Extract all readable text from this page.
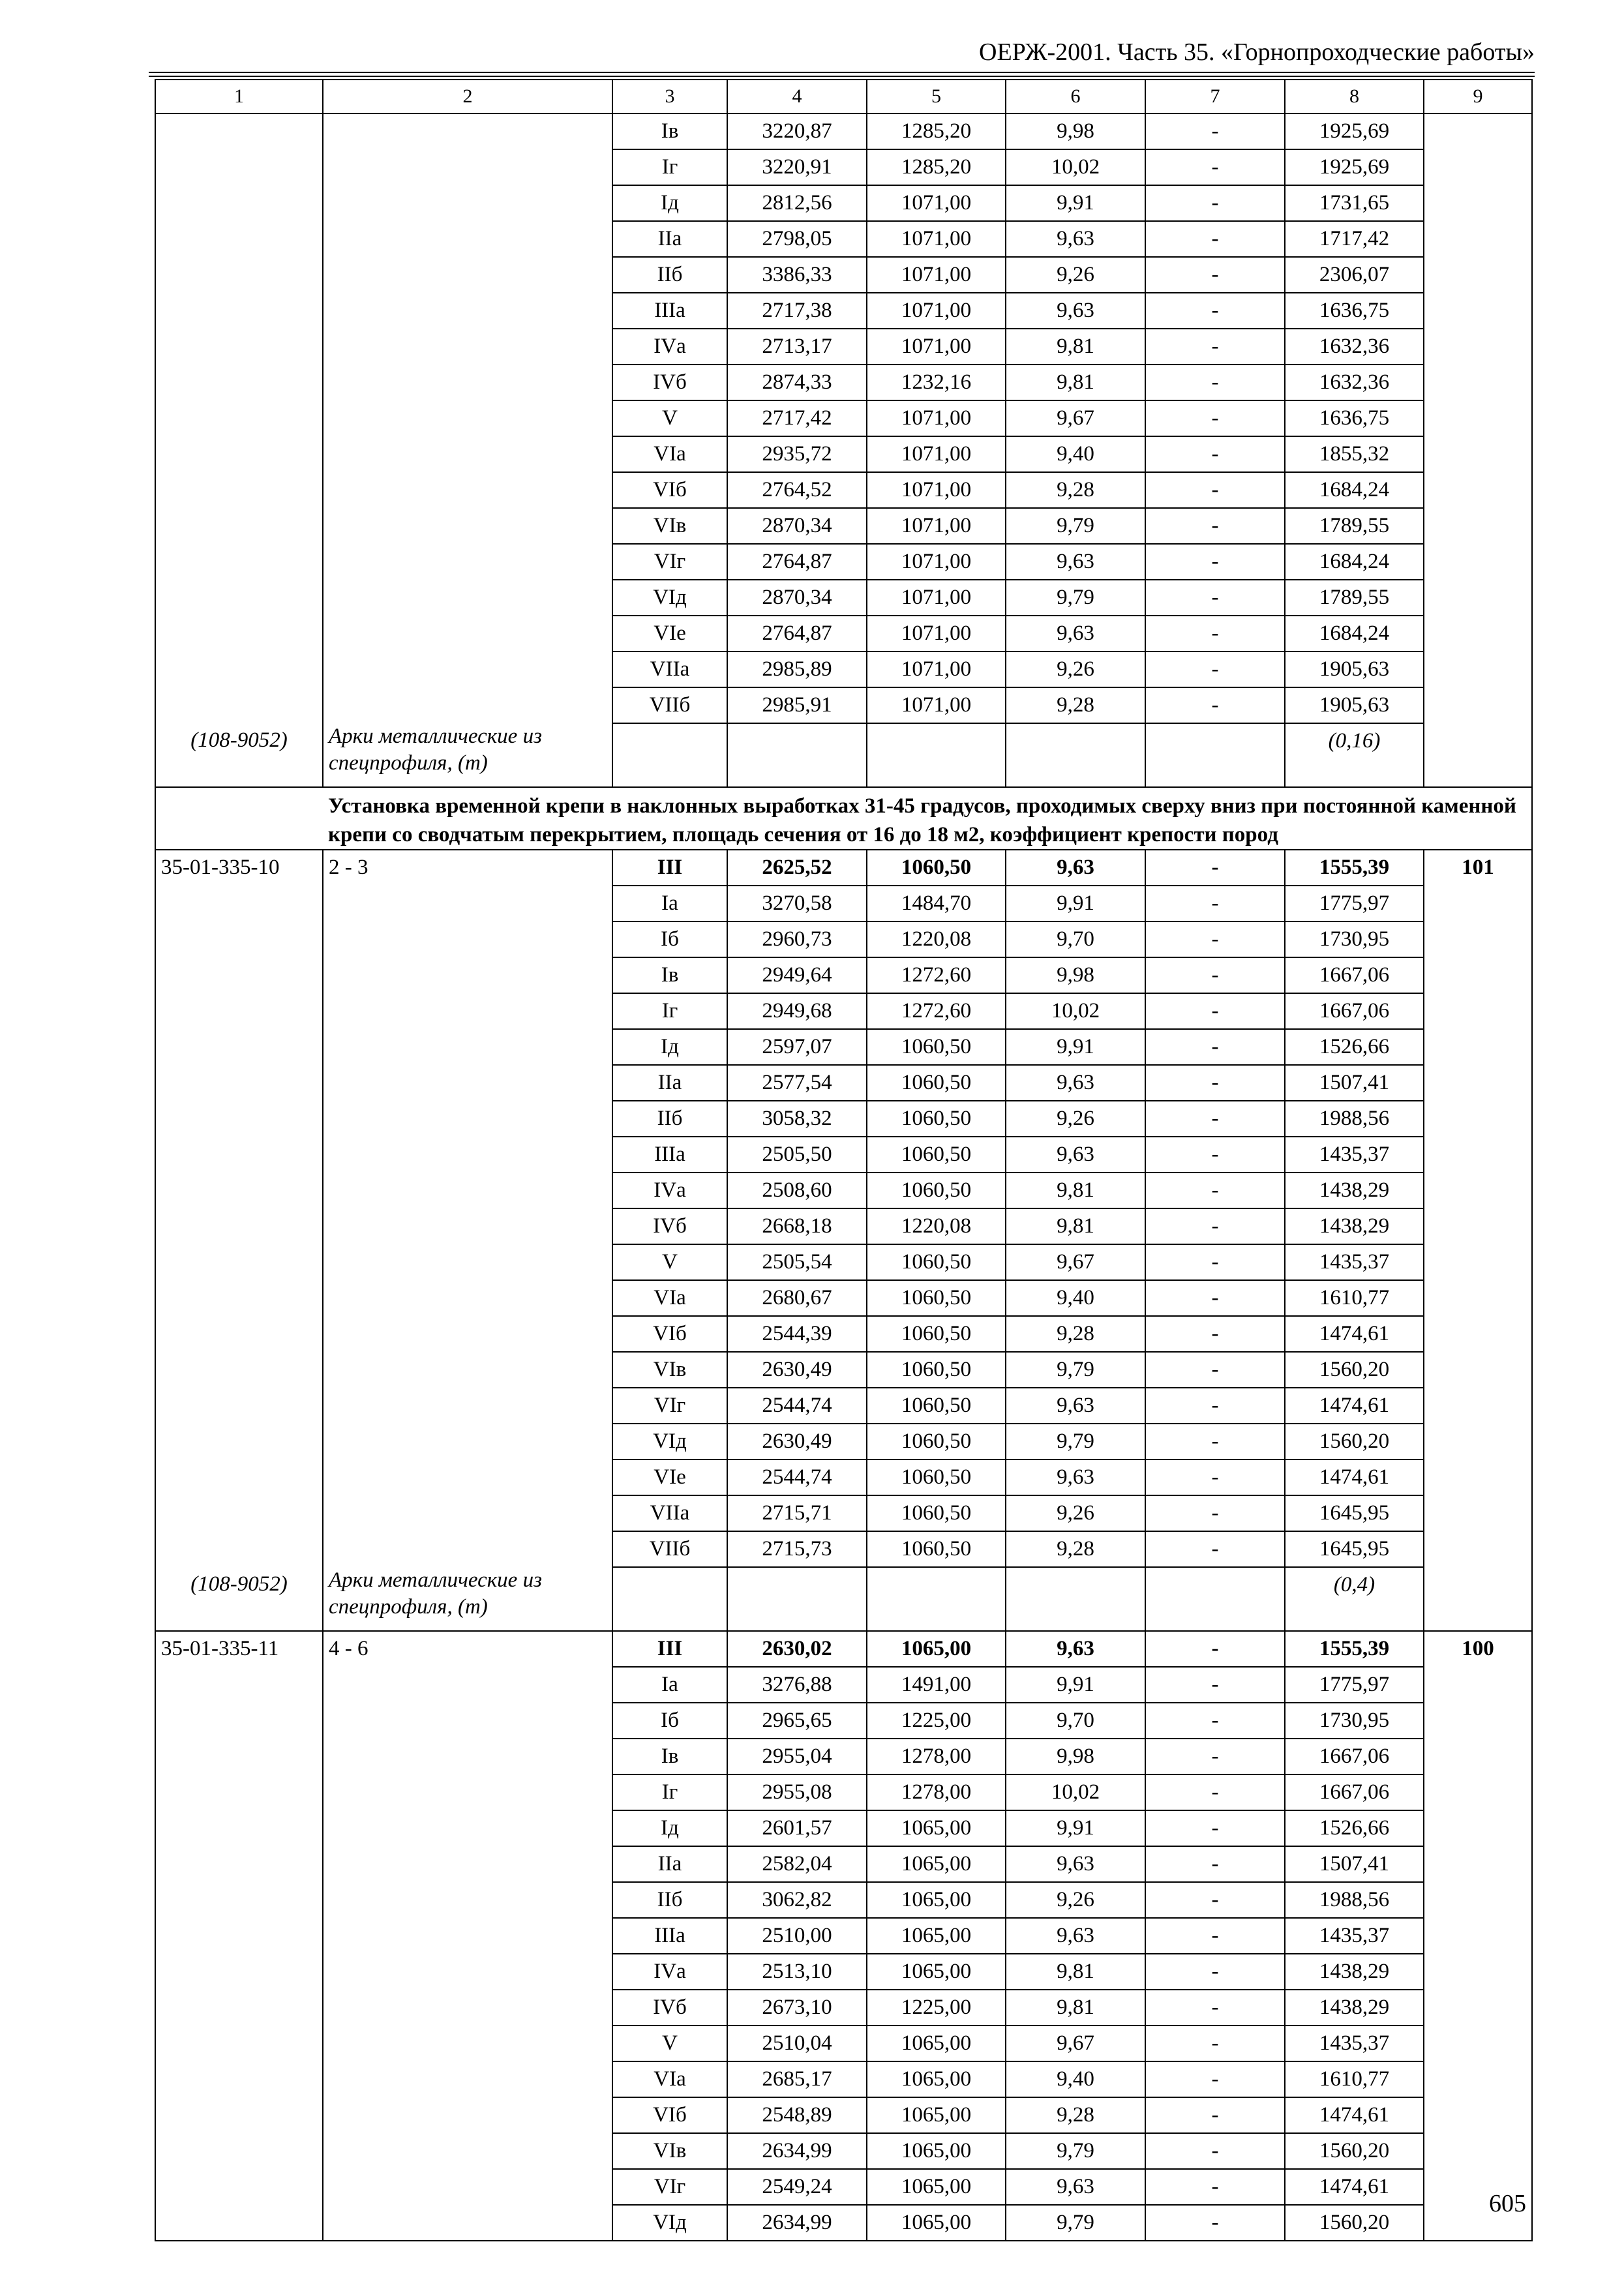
ОЕРЖ-2001. Часть 35. «Горнопроходческие работы»
1	2	3	4	5	6	7	8	9
		Iв	3220,87	1285,20	9,98	-	1925,69	
		Iг	3220,91	1285,20	10,02	-	1925,69	
		Iд	2812,56	1071,00	9,91	-	1731,65	
		IIа	2798,05	1071,00	9,63	-	1717,42	
		IIб	3386,33	1071,00	9,26	-	2306,07	
		IIIа	2717,38	1071,00	9,63	-	1636,75	
		IVа	2713,17	1071,00	9,81	-	1632,36	
		IVб	2874,33	1232,16	9,81	-	1632,36	
		V	2717,42	1071,00	9,67	-	1636,75	
		VIа	2935,72	1071,00	9,40	-	1855,32	
		VIб	2764,52	1071,00	9,28	-	1684,24	
		VIв	2870,34	1071,00	9,79	-	1789,55	
		VIг	2764,87	1071,00	9,63	-	1684,24	
		VIд	2870,34	1071,00	9,79	-	1789,55	
		VIе	2764,87	1071,00	9,63	-	1684,24	
		VIIа	2985,89	1071,00	9,26	-	1905,63	
		VIIб	2985,91	1071,00	9,28	-	1905,63	
(108-9052)	Арки металлические из спецпрофиля, (т)						(0,16)	
	Установка временной крепи в наклонных выработках 31-45 градусов, проходимых сверху вниз при постоянной каменной крепи со сводчатым перекрытием, площадь сечения от 16 до 18 м2, коэффициент крепости пород							
35-01-335-10	2 - 3	III	2625,52	1060,50	9,63	-	1555,39	101
		Iа	3270,58	1484,70	9,91	-	1775,97	
		Iб	2960,73	1220,08	9,70	-	1730,95	
		Iв	2949,64	1272,60	9,98	-	1667,06	
		Iг	2949,68	1272,60	10,02	-	1667,06	
		Iд	2597,07	1060,50	9,91	-	1526,66	
		IIа	2577,54	1060,50	9,63	-	1507,41	
		IIб	3058,32	1060,50	9,26	-	1988,56	
		IIIа	2505,50	1060,50	9,63	-	1435,37	
		IVа	2508,60	1060,50	9,81	-	1438,29	
		IVб	2668,18	1220,08	9,81	-	1438,29	
		V	2505,54	1060,50	9,67	-	1435,37	
		VIа	2680,67	1060,50	9,40	-	1610,77	
		VIб	2544,39	1060,50	9,28	-	1474,61	
		VIв	2630,49	1060,50	9,79	-	1560,20	
		VIг	2544,74	1060,50	9,63	-	1474,61	
		VIд	2630,49	1060,50	9,79	-	1560,20	
		VIе	2544,74	1060,50	9,63	-	1474,61	
		VIIа	2715,71	1060,50	9,26	-	1645,95	
		VIIб	2715,73	1060,50	9,28	-	1645,95	
(108-9052)	Арки металлические из спецпрофиля, (т)						(0,4)	
35-01-335-11	4 - 6	III	2630,02	1065,00	9,63	-	1555,39	100
		Iа	3276,88	1491,00	9,91	-	1775,97	
		Iб	2965,65	1225,00	9,70	-	1730,95	
		Iв	2955,04	1278,00	9,98	-	1667,06	
		Iг	2955,08	1278,00	10,02	-	1667,06	
		Iд	2601,57	1065,00	9,91	-	1526,66	
		IIа	2582,04	1065,00	9,63	-	1507,41	
		IIб	3062,82	1065,00	9,26	-	1988,56	
		IIIа	2510,00	1065,00	9,63	-	1435,37	
		IVа	2513,10	1065,00	9,81	-	1438,29	
		IVб	2673,10	1225,00	9,81	-	1438,29	
		V	2510,04	1065,00	9,67	-	1435,37	
		VIа	2685,17	1065,00	9,40	-	1610,77	
		VIб	2548,89	1065,00	9,28	-	1474,61	
		VIв	2634,99	1065,00	9,79	-	1560,20	
		VIг	2549,24	1065,00	9,63	-	1474,61	
		VIд	2634,99	1065,00	9,79	-	1560,20	
605
